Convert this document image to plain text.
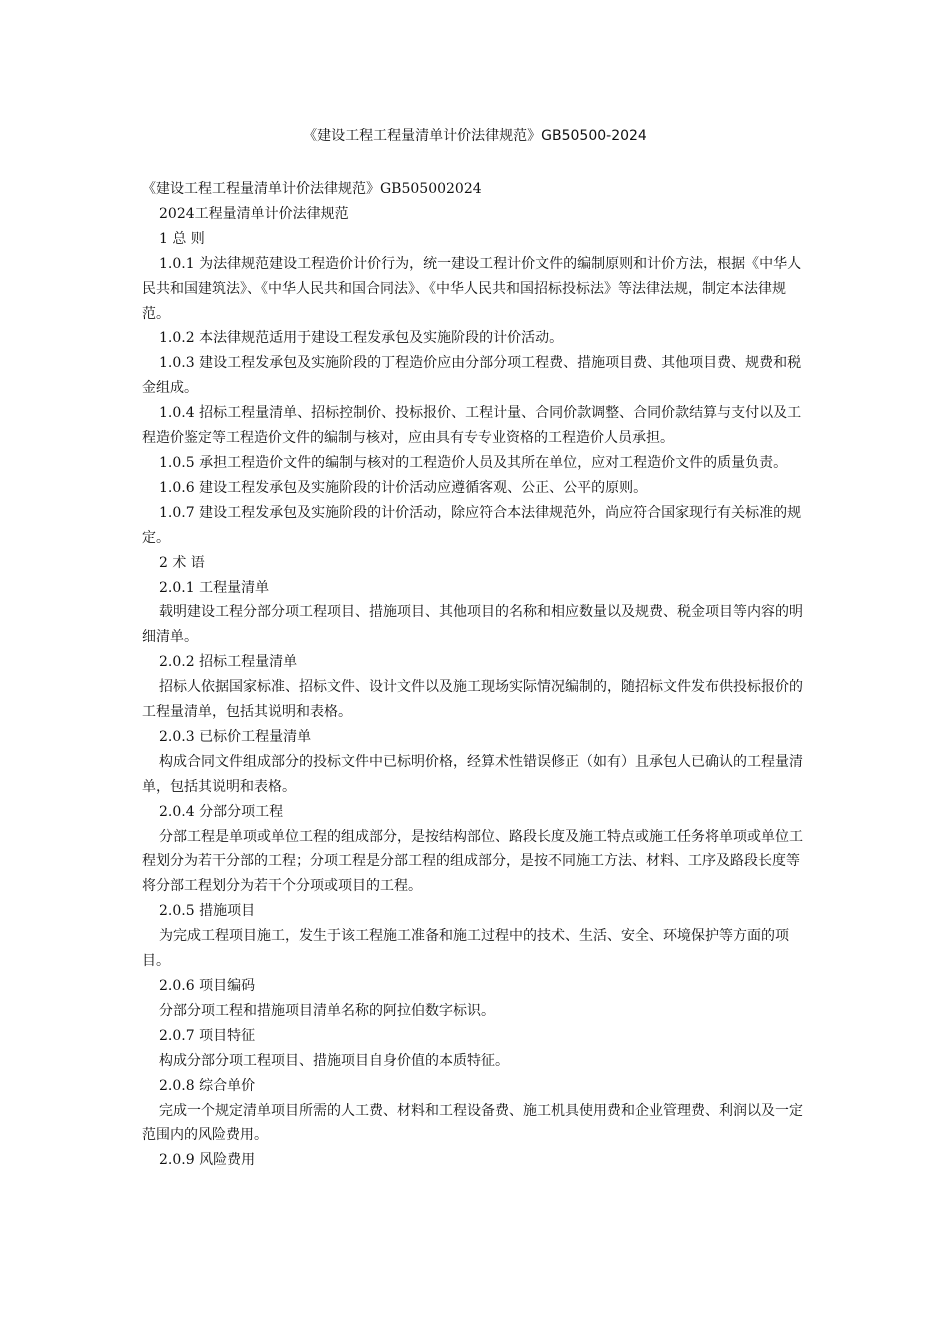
《建设工程工程量清单计价法律规范》GB50500-2024

《建设工程工程量清单计价法律规范》GB505002024

2024工程量清单计价法律规范

1 总 则

1.0.1 为法律规范建设工程造价计价行为，统一建设工程计价文件的编制原则和计价方法，根据《中华人民共和国建筑法》、《中华人民共和国合同法》、《中华人民共和国招标投标法》等法律法规，制定本法律规范。

1.0.2 本法律规范适用于建设工程发承包及实施阶段的计价活动。

1.0.3 建设工程发承包及实施阶段的丁程造价应由分部分项工程费、措施项目费、其他项目费、规费和税金组成。

1.0.4 招标工程量清单、招标控制价、投标报价、工程计量、合同价款调整、合同价款结算与支付以及工程造价鉴定等工程造价文件的编制与核对，应由具有专专业资格的工程造价人员承担。

1.0.5 承担工程造价文件的编制与核对的工程造价人员及其所在单位，应对工程造价文件的质量负责。

1.0.6 建设工程发承包及实施阶段的计价活动应遵循客观、公正、公平的原则。

1.0.7 建设工程发承包及实施阶段的计价活动，除应符合本法律规范外，尚应符合国家现行有关标准的规定。

2 术 语

2.0.1 工程量清单

载明建设工程分部分项工程项目、措施项目、其他项目的名称和相应数量以及规费、税金项目等内容的明细清单。

2.0.2 招标工程量清单

招标人依据国家标准、招标文件、设计文件以及施工现场实际情况编制的，随招标文件发布供投标报价的工程量清单，包括其说明和表格。

2.0.3 已标价工程量清单

构成合同文件组成部分的投标文件中已标明价格，经算术性错误修正（如有）且承包人已确认的工程量清单，包括其说明和表格。

2.0.4 分部分项工程

分部工程是单项或单位工程的组成部分，是按结构部位、路段长度及施工特点或施工任务将单项或单位工程划分为若干分部的工程；分项工程是分部工程的组成部分，是按不同施工方法、材料、工序及路段长度等将分部工程划分为若干个分项或项目的工程。

2.0.5 措施项目

为完成工程项目施工，发生于该工程施工准备和施工过程中的技术、生活、安全、环境保护等方面的项目。

2.0.6 项目编码

分部分项工程和措施项目清单名称的阿拉伯数字标识。

2.0.7 项目特征

构成分部分项工程项目、措施项目自身价值的本质特征。

2.0.8 综合单价

完成一个规定清单项目所需的人工费、材料和工程设备费、施工机具使用费和企业管理费、利润以及一定范围内的风险费用。

2.0.9 风险费用
